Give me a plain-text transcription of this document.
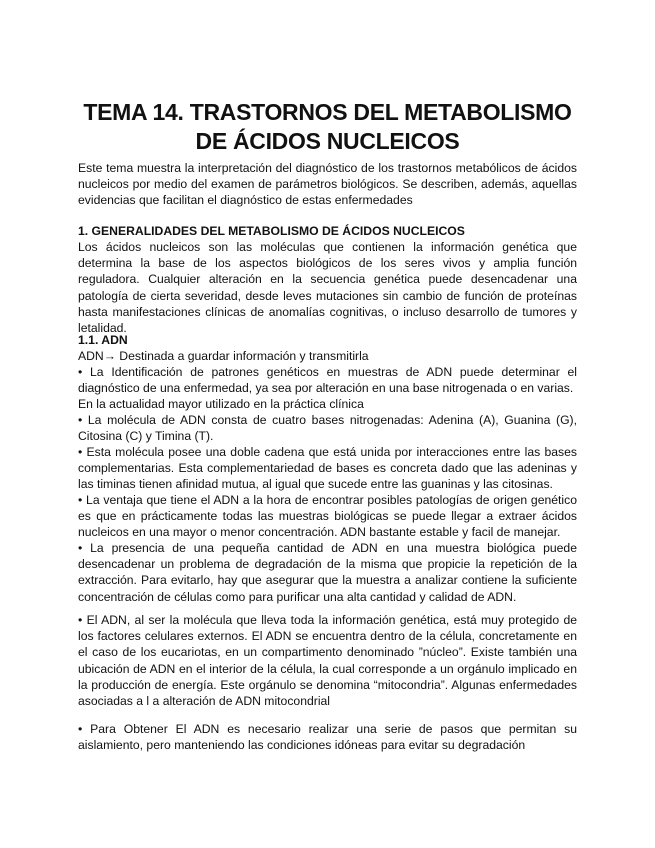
TEMA 14. TRASTORNOS DEL METABOLISMO
DE ÁCIDOS NUCLEICOS

Este tema muestra la interpretación del diagnóstico de los trastornos metabólicos de ácidos nucleicos por medio del examen de parámetros biológicos. Se describen, además, aquellas evidencias que facilitan el diagnóstico de estas enfermedades

1. GENERALIDADES DEL METABOLISMO DE ÁCIDOS NUCLEICOS

Los ácidos nucleicos son las moléculas que contienen la información genética que determina la base de los aspectos biológicos de los seres vivos y amplia función reguladora. Cualquier alteración en la secuencia genética puede desencadenar una patología de cierta severidad, desde leves mutaciones sin cambio de función de proteínas hasta manifestaciones clínicas de anomalías cognitivas, o incluso desarrollo de tumores y letalidad.

1.1. ADN

ADN→ Destinada a guardar información y transmitirla

• La Identificación de patrones genéticos en muestras de ADN puede determinar el diagnóstico de una enfermedad, ya sea por alteración en una base nitrogenada o en varias.

En la actualidad mayor utilizado en la práctica clínica

• La molécula de ADN consta de cuatro bases nitrogenadas: Adenina (A), Guanina (G), Citosina (C) y Timina (T).

• Esta molécula posee una doble cadena que está unida por interacciones entre las bases complementarias. Esta complementariedad de bases es concreta dado que las adeninas y las timinas tienen afinidad mutua, al igual que sucede entre las guaninas y las citosinas.

• La ventaja que tiene el ADN a la hora de encontrar posibles patologías de origen genético es que en prácticamente todas las muestras biológicas se puede llegar a extraer ácidos nucleicos en una mayor o menor concentración. ADN bastante estable y facil de manejar.

• La presencia de una pequeña cantidad de ADN en una muestra biológica puede desencadenar un problema de degradación de la misma que propicie la repetición de la extracción. Para evitarlo, hay que asegurar que la muestra a analizar contiene la suficiente concentración de células como para purificar una alta cantidad y calidad de ADN.

• El ADN, al ser la molécula que lleva toda la información genética, está muy protegido de los factores celulares externos. El ADN se encuentra dentro de la célula, concretamente en el caso de los eucariotas, en un compartimento denominado ”núcleo”. Existe también una ubicación de ADN en el interior de la célula, la cual corresponde a un orgánulo implicado en la producción de energía. Este orgánulo se denomina “mitocondria”. Algunas enfermedades asociadas a l a alteración de ADN mitocondrial

• Para Obtener El ADN es necesario realizar una serie de pasos que permitan su aislamiento, pero manteniendo las condiciones idóneas para evitar su degradación
